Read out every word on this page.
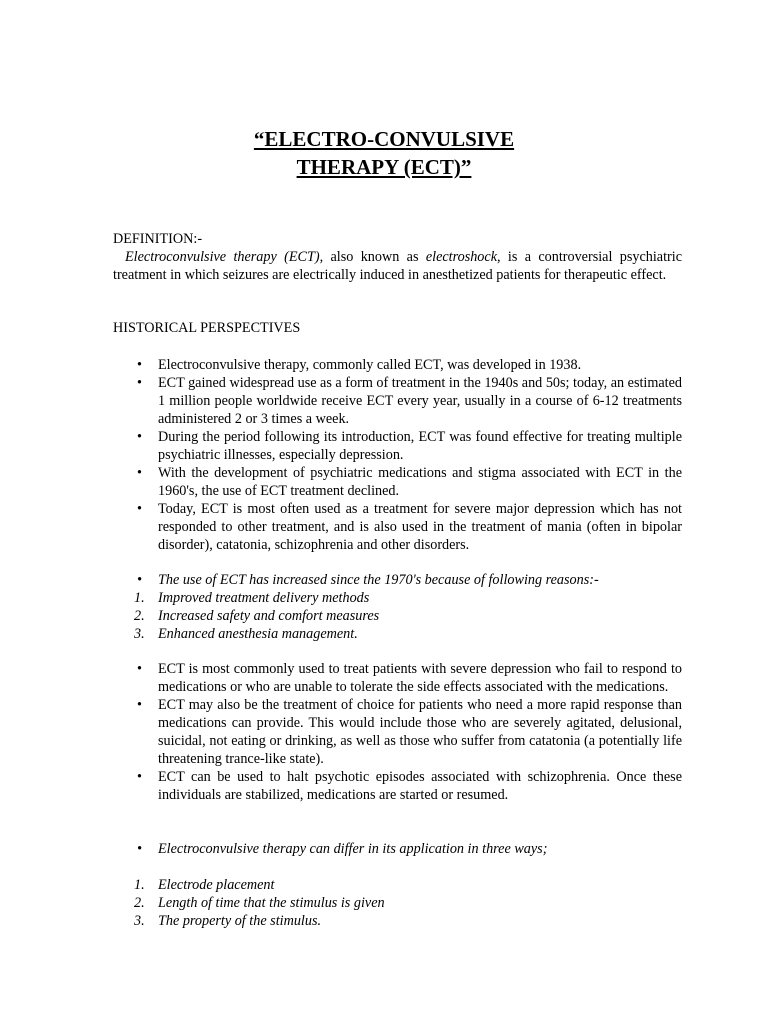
“ELECTRO-CONVULSIVE
THERAPY (ECT)”
DEFINITION:-
Electroconvulsive therapy (ECT), also known as electroshock, is a controversial psychiatric treatment in which seizures are electrically induced in anesthetized patients for therapeutic effect.
HISTORICAL PERSPECTIVES
• Electroconvulsive therapy, commonly called ECT, was developed in 1938.
• ECT gained widespread use as a form of treatment in the 1940s and 50s; today, an estimated 1 million people worldwide receive ECT every year, usually in a course of 6-12 treatments administered 2 or 3 times a week.
• During the period following its introduction, ECT was found effective for treating multiple psychiatric illnesses, especially depression.
• With the development of psychiatric medications and stigma associated with ECT in the 1960's, the use of ECT treatment declined.
• Today, ECT is most often used as a treatment for severe major depression which has not responded to other treatment, and is also used in the treatment of mania (often in bipolar disorder), catatonia, schizophrenia and other disorders.
• The use of ECT has increased since the 1970's because of following reasons:-
1. Improved treatment delivery methods
2. Increased safety and comfort measures
3. Enhanced anesthesia management.
• ECT is most commonly used to treat patients with severe depression who fail to respond to medications or who are unable to tolerate the side effects associated with the medications.
• ECT may also be the treatment of choice for patients who need a more rapid response than medications can provide. This would include those who are severely agitated, delusional, suicidal, not eating or drinking, as well as those who suffer from catatonia (a potentially life threatening trance-like state).
• ECT can be used to halt psychotic episodes associated with schizophrenia. Once these individuals are stabilized, medications are started or resumed.
• Electroconvulsive therapy can differ in its application in three ways;
1. Electrode placement
2. Length of time that the stimulus is given
3. The property of the stimulus.
